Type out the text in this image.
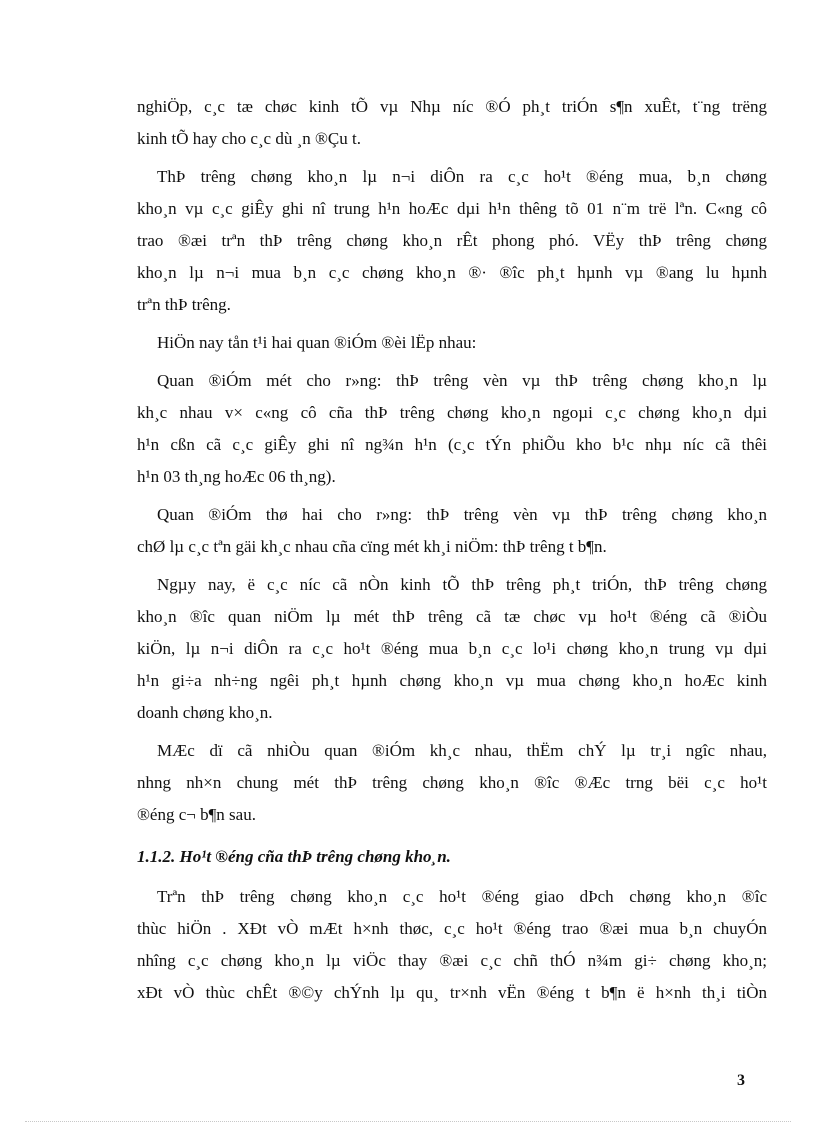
nghiÖp, c¸c tæ chøc kinh tÕ vµ Nhµ níc ®Ó ph¸t triÓn s¶n xuÊt, t¨ng trëng
kinh tÕ hay cho c¸c dù ¸n ®Çu t.

ThÞ trêng chøng kho¸n lµ n¬i diÔn ra c¸c ho¹t ®éng mua, b¸n chøng
kho¸n vµ c¸c giÊy ghi nî trung h¹n hoÆc dµi h¹n thêng tõ 01 n¨m trë lªn. C«ng cô
trao ®æi trªn thÞ trêng chøng kho¸n rÊt phong phó. VËy thÞ trêng chøng
kho¸n lµ n¬i mua b¸n c¸c chøng kho¸n ®· ®îc ph¸t hµnh vµ ®ang lu hµnh
trªn thÞ trêng.

HiÖn nay tån t¹i hai quan ®iÓm ®èi lËp nhau:

Quan ®iÓm mét cho r»ng: thÞ trêng vèn vµ thÞ trêng chøng kho¸n lµ
kh¸c nhau v× c«ng cô cña thÞ trêng chøng kho¸n ngoµi c¸c chøng kho¸n dµi
h¹n cßn cã c¸c giÊy ghi nî ng¾n h¹n (c¸c tÝn phiÕu kho b¹c nhµ níc cã thêi
h¹n 03 th¸ng hoÆc 06 th¸ng).

Quan ®iÓm thø hai cho r»ng: thÞ trêng vèn vµ thÞ trêng chøng kho¸n
chØ lµ c¸c tªn gäi kh¸c nhau cña cïng mét kh¸i niÖm: thÞ trêng t b¶n.

Ngµy nay, ë c¸c níc cã nÒn kinh tÕ thÞ trêng ph¸t triÓn, thÞ trêng chøng
kho¸n ®îc quan niÖm lµ mét thÞ trêng cã tæ chøc vµ ho¹t ®éng cã ®iÒu
kiÖn, lµ n¬i diÔn ra c¸c ho¹t ®éng mua b¸n c¸c lo¹i chøng kho¸n trung vµ dµi
h¹n gi÷a nh÷ng ngêi ph¸t hµnh chøng kho¸n vµ mua chøng kho¸n hoÆc kinh
doanh chøng kho¸n.

MÆc dï cã nhiÒu quan ®iÓm kh¸c nhau, thËm chÝ lµ tr¸i ngîc nhau,
nhng nh×n chung mét thÞ trêng chøng kho¸n ®îc ®Æc trng bëi c¸c ho¹t
®éng c¬ b¶n sau.

1.1.2. Ho¹t ®éng cña thÞ trêng chøng kho¸n.

Trªn thÞ trêng chøng kho¸n c¸c ho¹t ®éng giao dÞch chøng kho¸n ®îc
thùc hiÖn . XÐt vÒ mÆt h×nh thøc, c¸c ho¹t ®éng trao ®æi mua b¸n chuyÓn
nhîng c¸c chøng kho¸n lµ viÖc thay ®æi c¸c chñ thÓ n¾m gi÷ chøng kho¸n;
xÐt vÒ thùc chÊt ®©y chÝnh lµ qu¸ tr×nh vËn ®éng t b¶n ë h×nh th¸i tiÒn

3
